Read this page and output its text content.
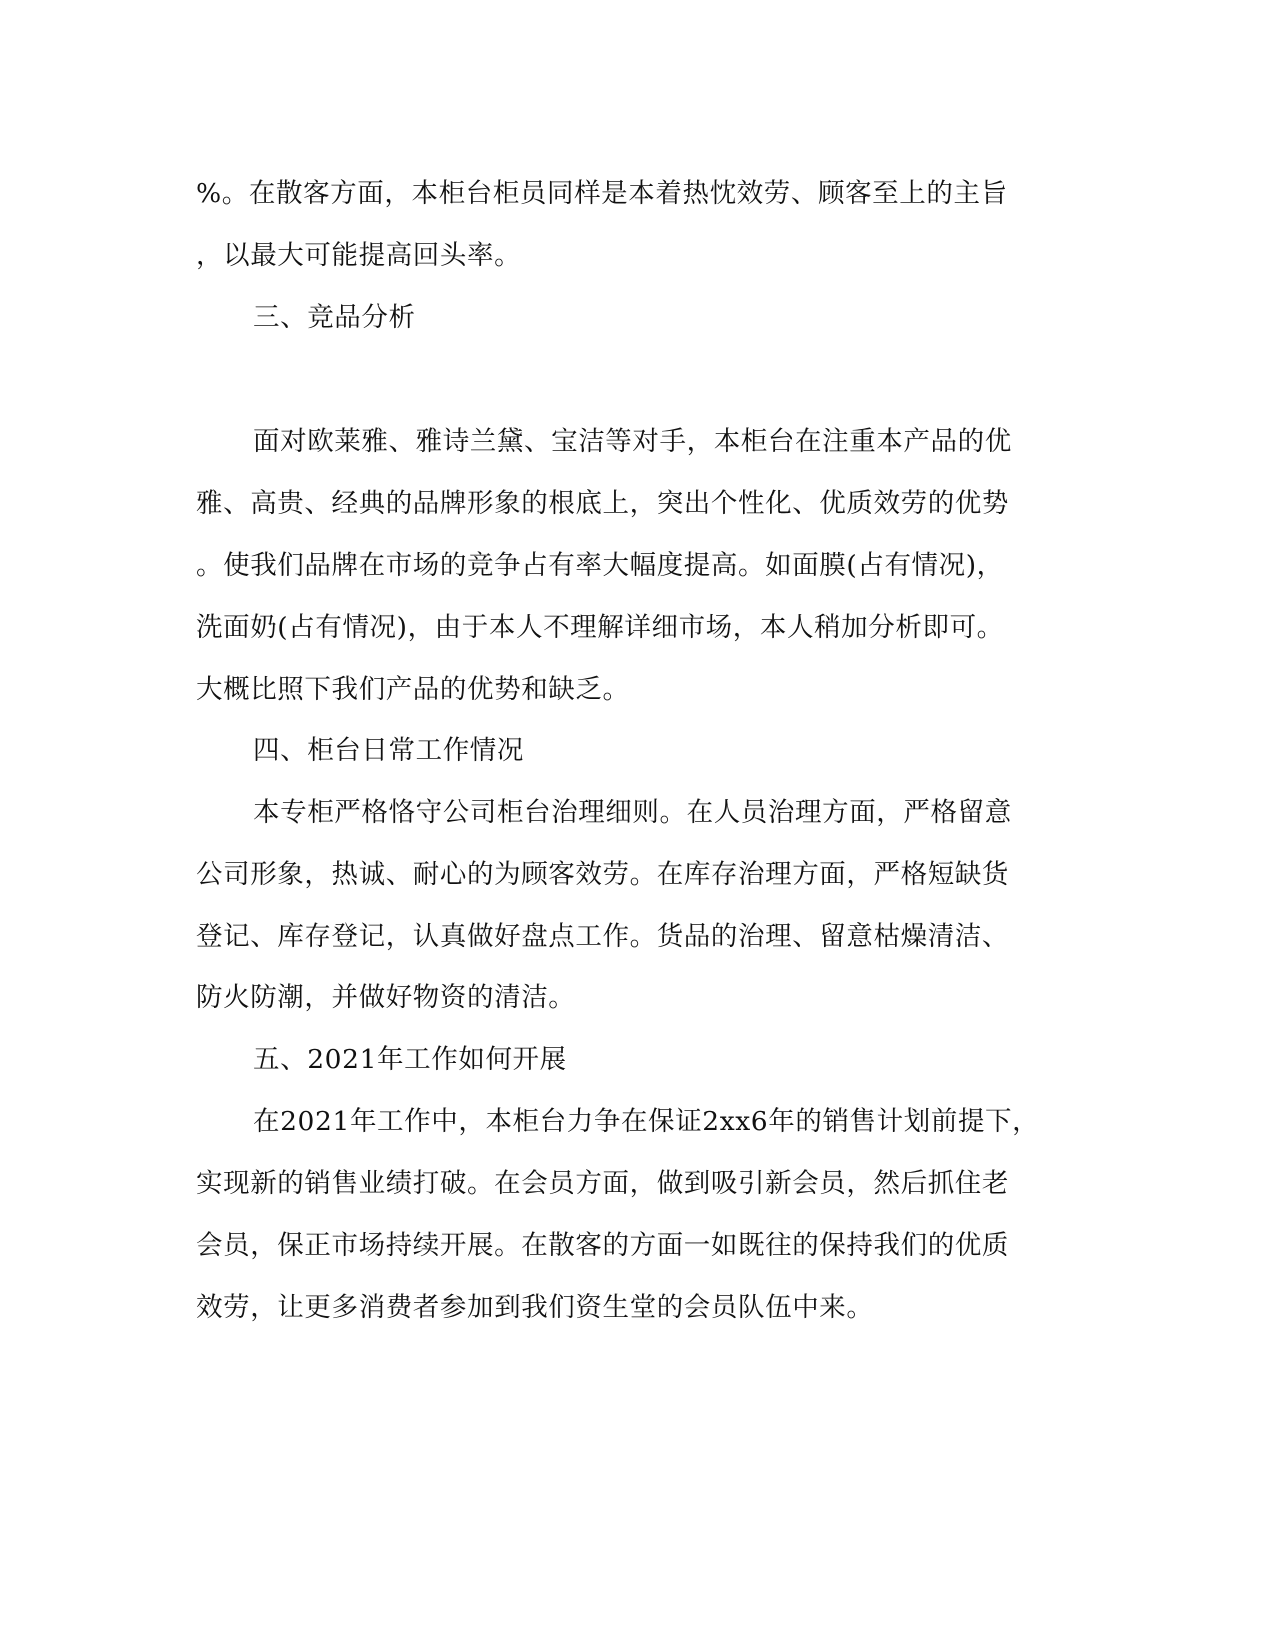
%。在散客方面，本柜台柜员同样是本着热忱效劳、顾客至上的主旨
，以最大可能提高回头率。
三、竞品分析
面对欧莱雅、雅诗兰黛、宝洁等对手，本柜台在注重本产品的优
雅、高贵、经典的品牌形象的根底上，突出个性化、优质效劳的优势
。使我们品牌在市场的竞争占有率大幅度提高。如面膜(占有情况)，
洗面奶(占有情况)，由于本人不理解详细市场，本人稍加分析即可。
大概比照下我们产品的优势和缺乏。
四、柜台日常工作情况
本专柜严格恪守公司柜台治理细则。在人员治理方面，严格留意
公司形象，热诚、耐心的为顾客效劳。在库存治理方面，严格短缺货
登记、库存登记，认真做好盘点工作。货品的治理、留意枯燥清洁、
防火防潮，并做好物资的清洁。
五、2021年工作如何开展
在2021年工作中，本柜台力争在保证2xx6年的销售计划前提下，
实现新的销售业绩打破。在会员方面，做到吸引新会员，然后抓住老
会员，保正市场持续开展。在散客的方面一如既往的保持我们的优质
效劳，让更多消费者参加到我们资生堂的会员队伍中来。
